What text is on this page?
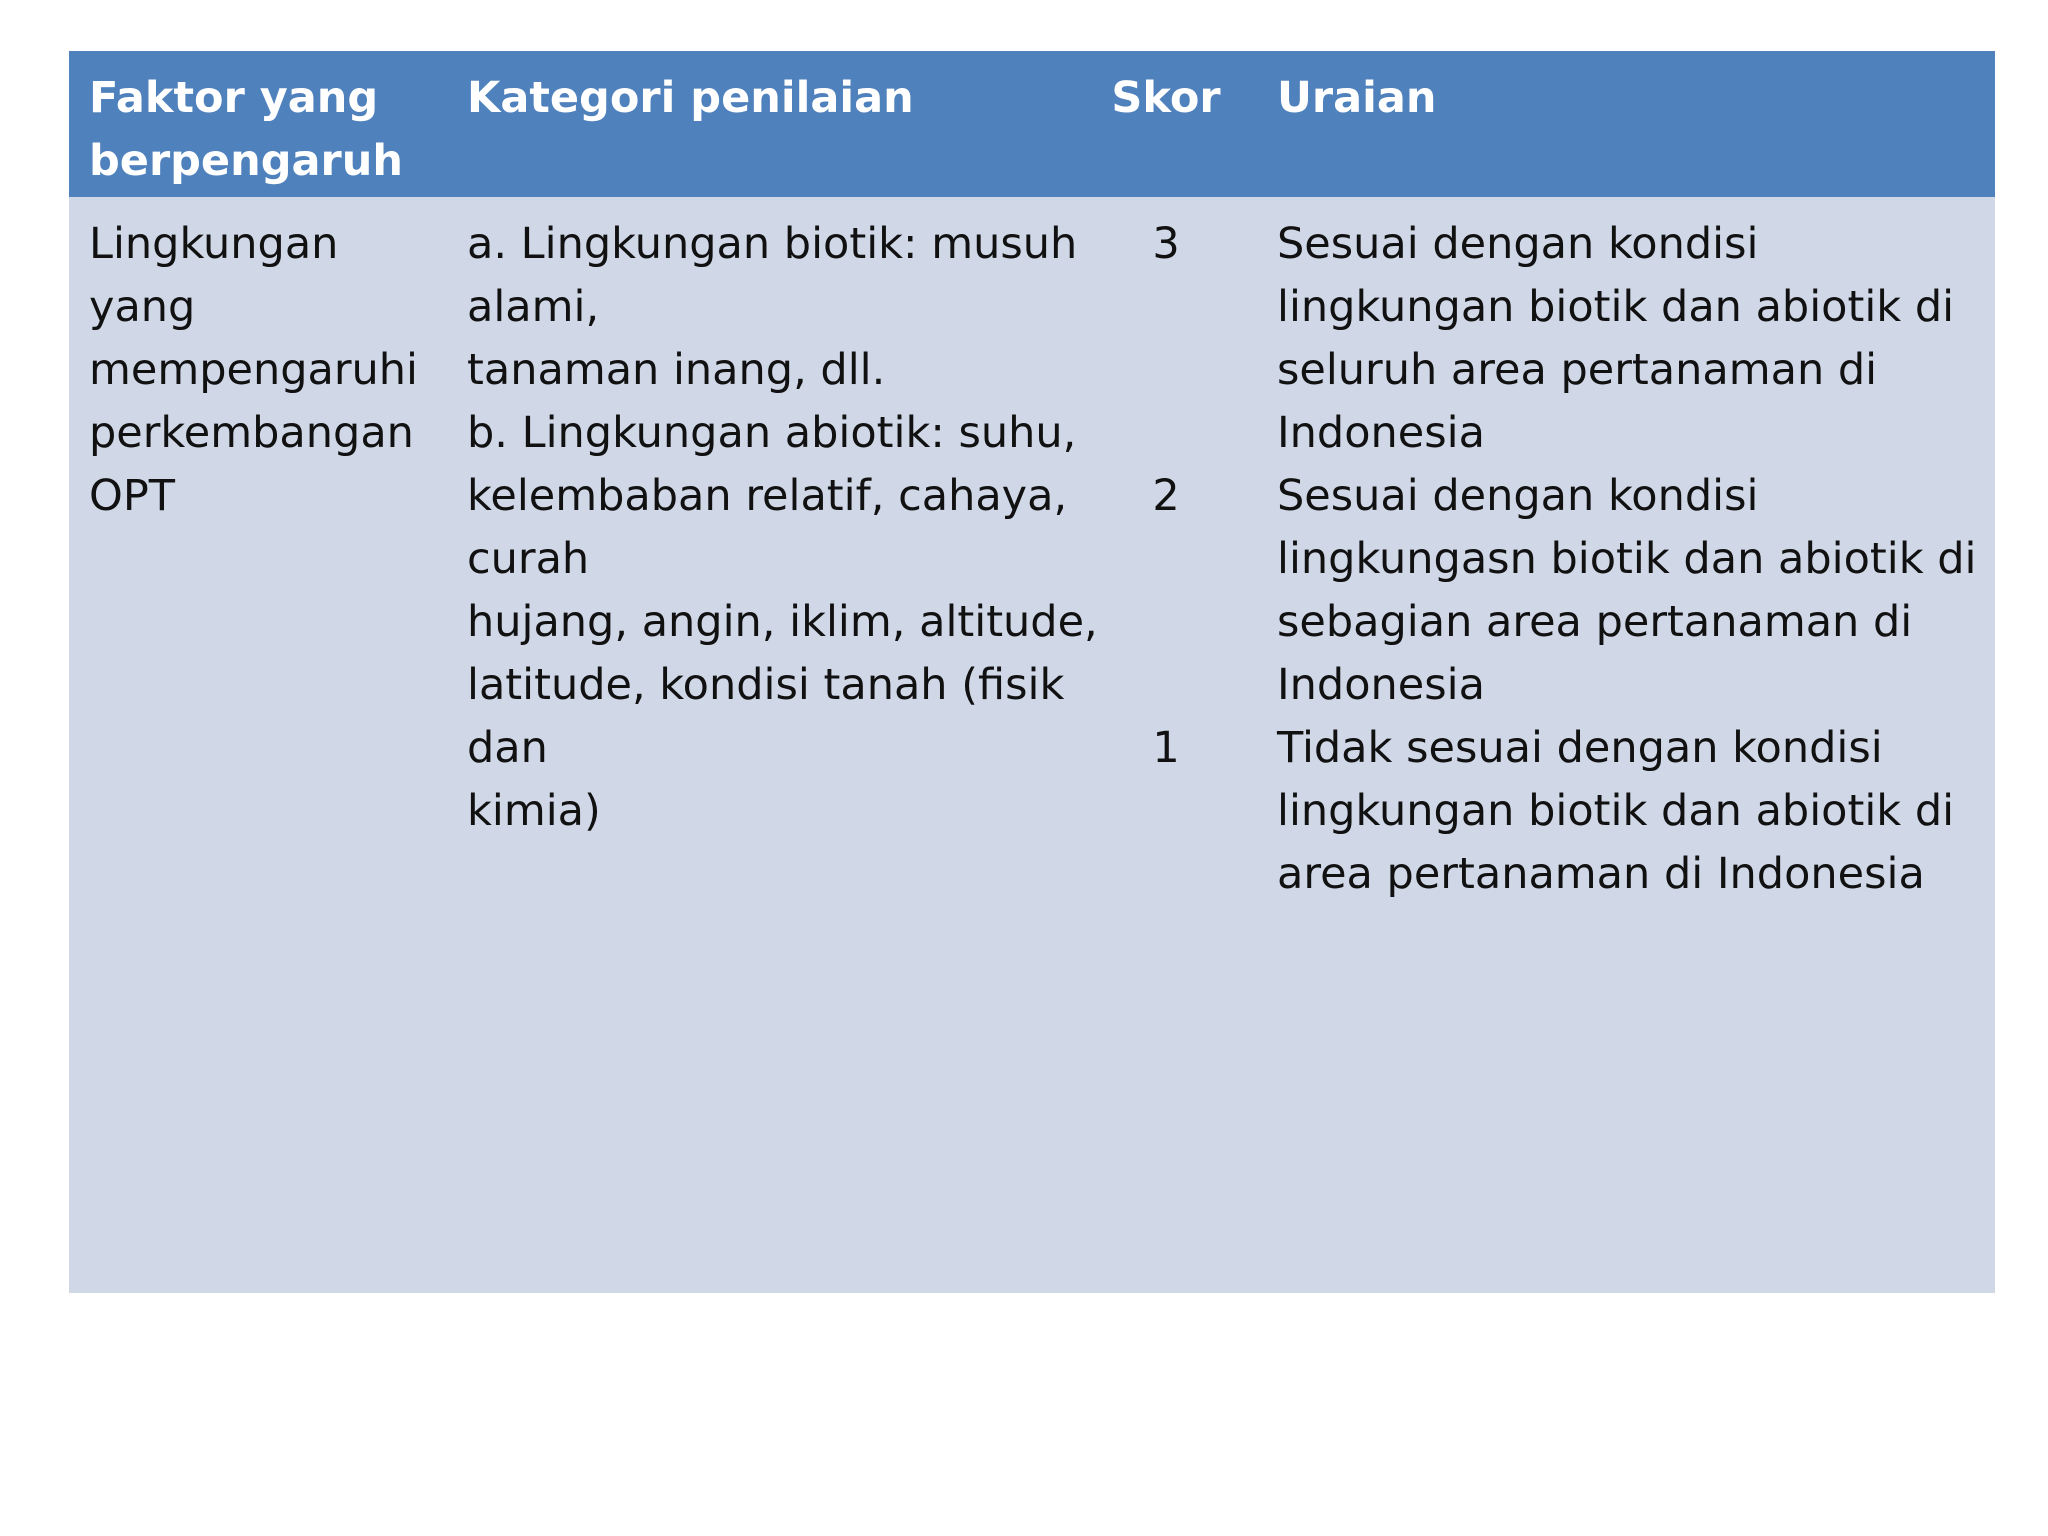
Faktor yang
berpengaruh
Kategori penilaian	Skor Uraian
Lingkungan
yang
mempengaruhi
perkembangan
OPT
a. Lingkungan biotik: musuh
alami,
tanaman inang, dll.
b. Lingkungan abiotik: suhu,
kelembaban relatif, cahaya,
curah
hujang, angin, iklim, altitude,
latitude, kondisi tanah (fisik
dan
kimia)
3

2

1
Sesuai dengan kondisi
lingkungan biotik dan abiotik di
seluruh area pertanaman di
Indonesia
Sesuai dengan kondisi
lingkungasn biotik dan abiotik di
sebagian area pertanaman di
Indonesia
Tidak sesuai dengan kondisi
lingkungan biotik dan abiotik di
area pertanaman di Indonesia
